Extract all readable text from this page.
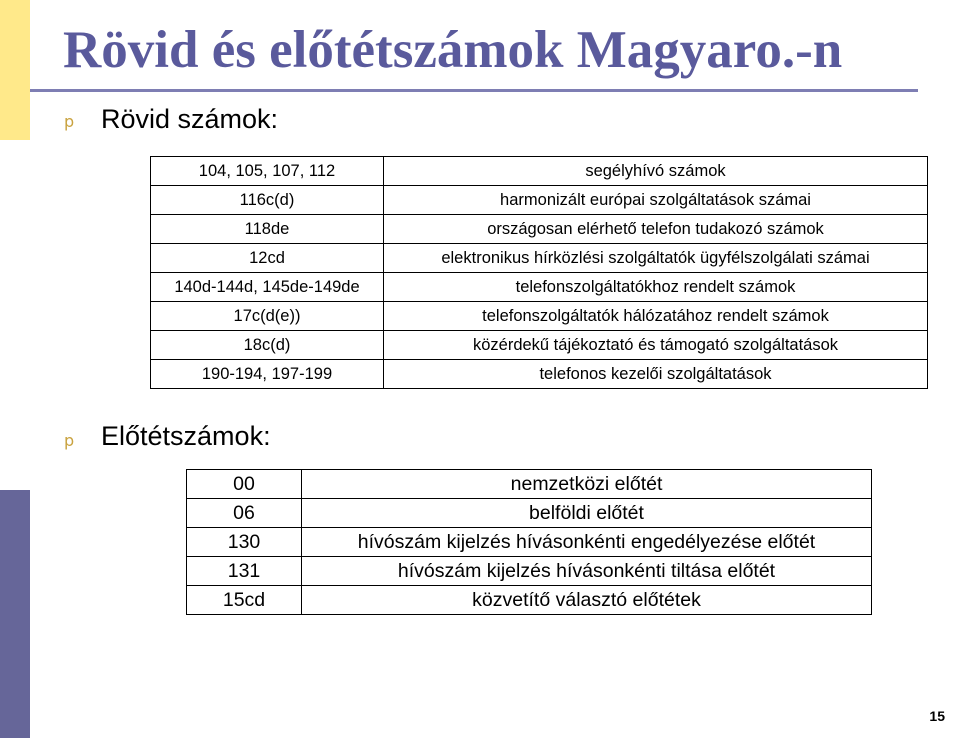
Rövid és előtétszámok Magyaro.-n
p Rövid számok:
104, 105, 107, 112	segélyhívó számok
116c(d)	harmonizált európai szolgáltatások számai
118de	országosan elérhető telefon tudakozó számok
12cd	elektronikus hírközlési szolgáltatók ügyfélszolgálati számai
140d-144d, 145de-149de	telefonszolgáltatókhoz rendelt számok
17c(d(e))	telefonszolgáltatók hálózatához rendelt számok
18c(d)	közérdekű tájékoztató és támogató szolgáltatások
190-194, 197-199	telefonos kezelői szolgáltatások
p Előtétszámok:
00	nemzetközi előtét
06	belföldi előtét
130	hívószám kijelzés hívásonkénti engedélyezése előtét
131	hívószám kijelzés hívásonkénti tiltása előtét
15cd	közvetítő választó előtétek
15
